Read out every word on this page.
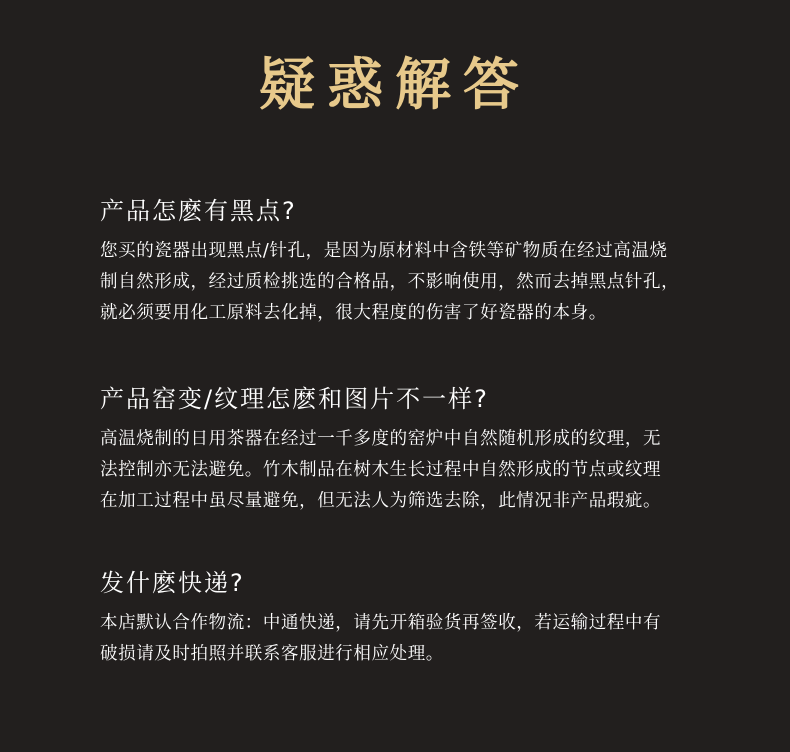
疑惑解答

产品怎麽有黑点?

您买的瓷器出现黑点/针孔，是因为原材料中含铁等矿物质在经过高温烧
制自然形成，经过质检挑选的合格品，不影响使用，然而去掉黑点针孔，
就必须要用化工原料去化掉，很大程度的伤害了好瓷器的本身。

产品窑变/纹理怎麽和图片不一样?

高温烧制的日用茶器在经过一千多度的窑炉中自然随机形成的纹理，无
法控制亦无法避免。竹木制品在树木生长过程中自然形成的节点或纹理
在加工过程中虽尽量避免，但无法人为筛选去除，此情况非产品瑕疵。

发什麽快递?

本店默认合作物流：中通快递，请先开箱验货再签收，若运输过程中有
破损请及时拍照并联系客服进行相应处理。
